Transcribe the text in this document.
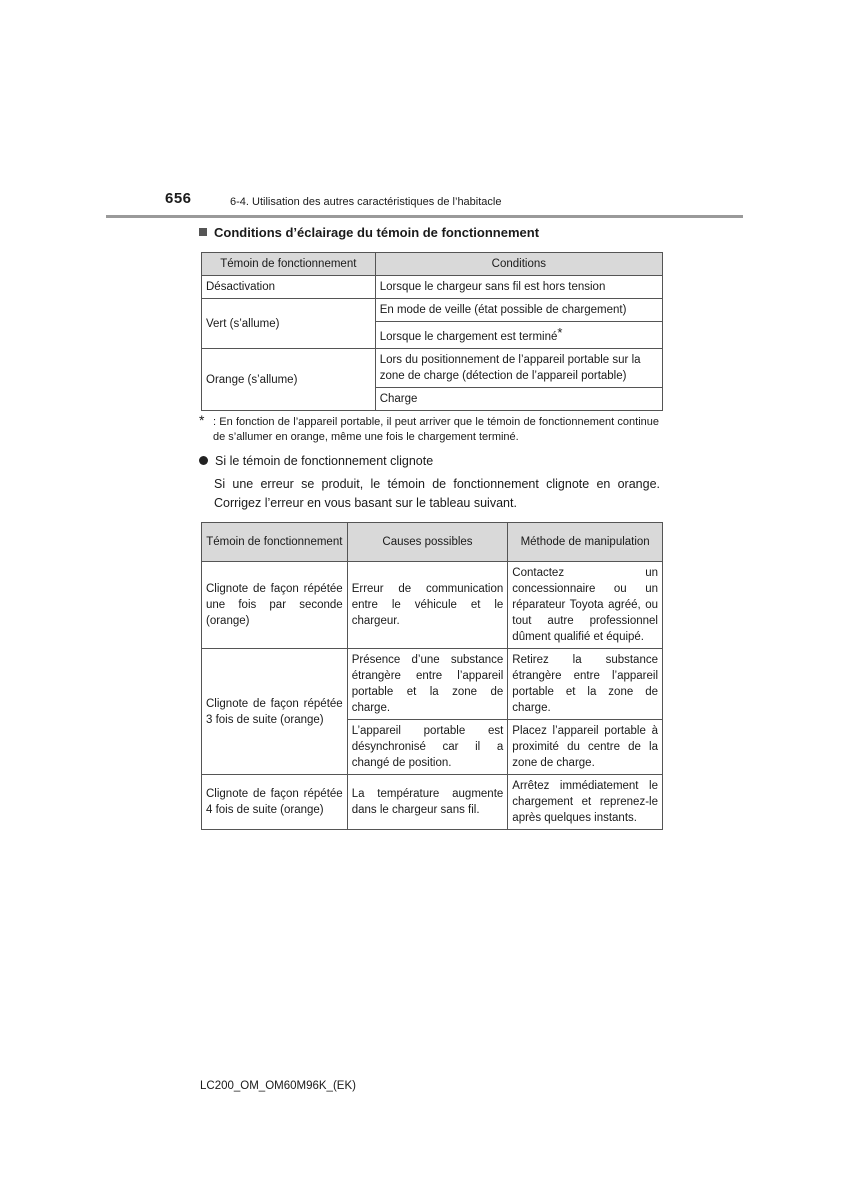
656	6-4. Utilisation des autres caractéristiques de l’habitacle
Conditions d’éclairage du témoin de fonctionnement
Témoin de fonctionnement	Conditions
Désactivation	Lorsque le chargeur sans fil est hors tension
Vert (s’allume)	En mode de veille (état possible de chargement)
	Lorsque le chargement est terminé*
Orange (s’allume)	Lors du positionnement de l’appareil portable sur la zone de charge (détection de l’appareil portable)
	Charge
* : En fonction de l’appareil portable, il peut arriver que le témoin de fonctionnement continue de s’allumer en orange, même une fois le chargement terminé.
Si le témoin de fonctionnement clignote
Si une erreur se produit, le témoin de fonctionnement clignote en orange. Corrigez l’erreur en vous basant sur le tableau suivant.
Témoin de fonctionnement	Causes possibles	Méthode de manipulation
Clignote de façon répétée une fois par seconde (orange)	Erreur de communication entre le véhicule et le chargeur.	Contactez un concessionnaire ou un réparateur Toyota agréé, ou tout autre professionnel dûment qualifié et équipé.
Clignote de façon répétée 3 fois de suite (orange)	Présence d’une substance étrangère entre l’appareil portable et la zone de charge.	Retirez la substance étrangère entre l’appareil portable et la zone de charge.
	L’appareil portable est désynchronisé car il a changé de position.	Placez l’appareil portable à proximité du centre de la zone de charge.
Clignote de façon répétée 4 fois de suite (orange)	La température augmente dans le chargeur sans fil.	Arrêtez immédiatement le chargement et reprenez-le après quelques instants.
LC200_OM_OM60M96K_(EK)
